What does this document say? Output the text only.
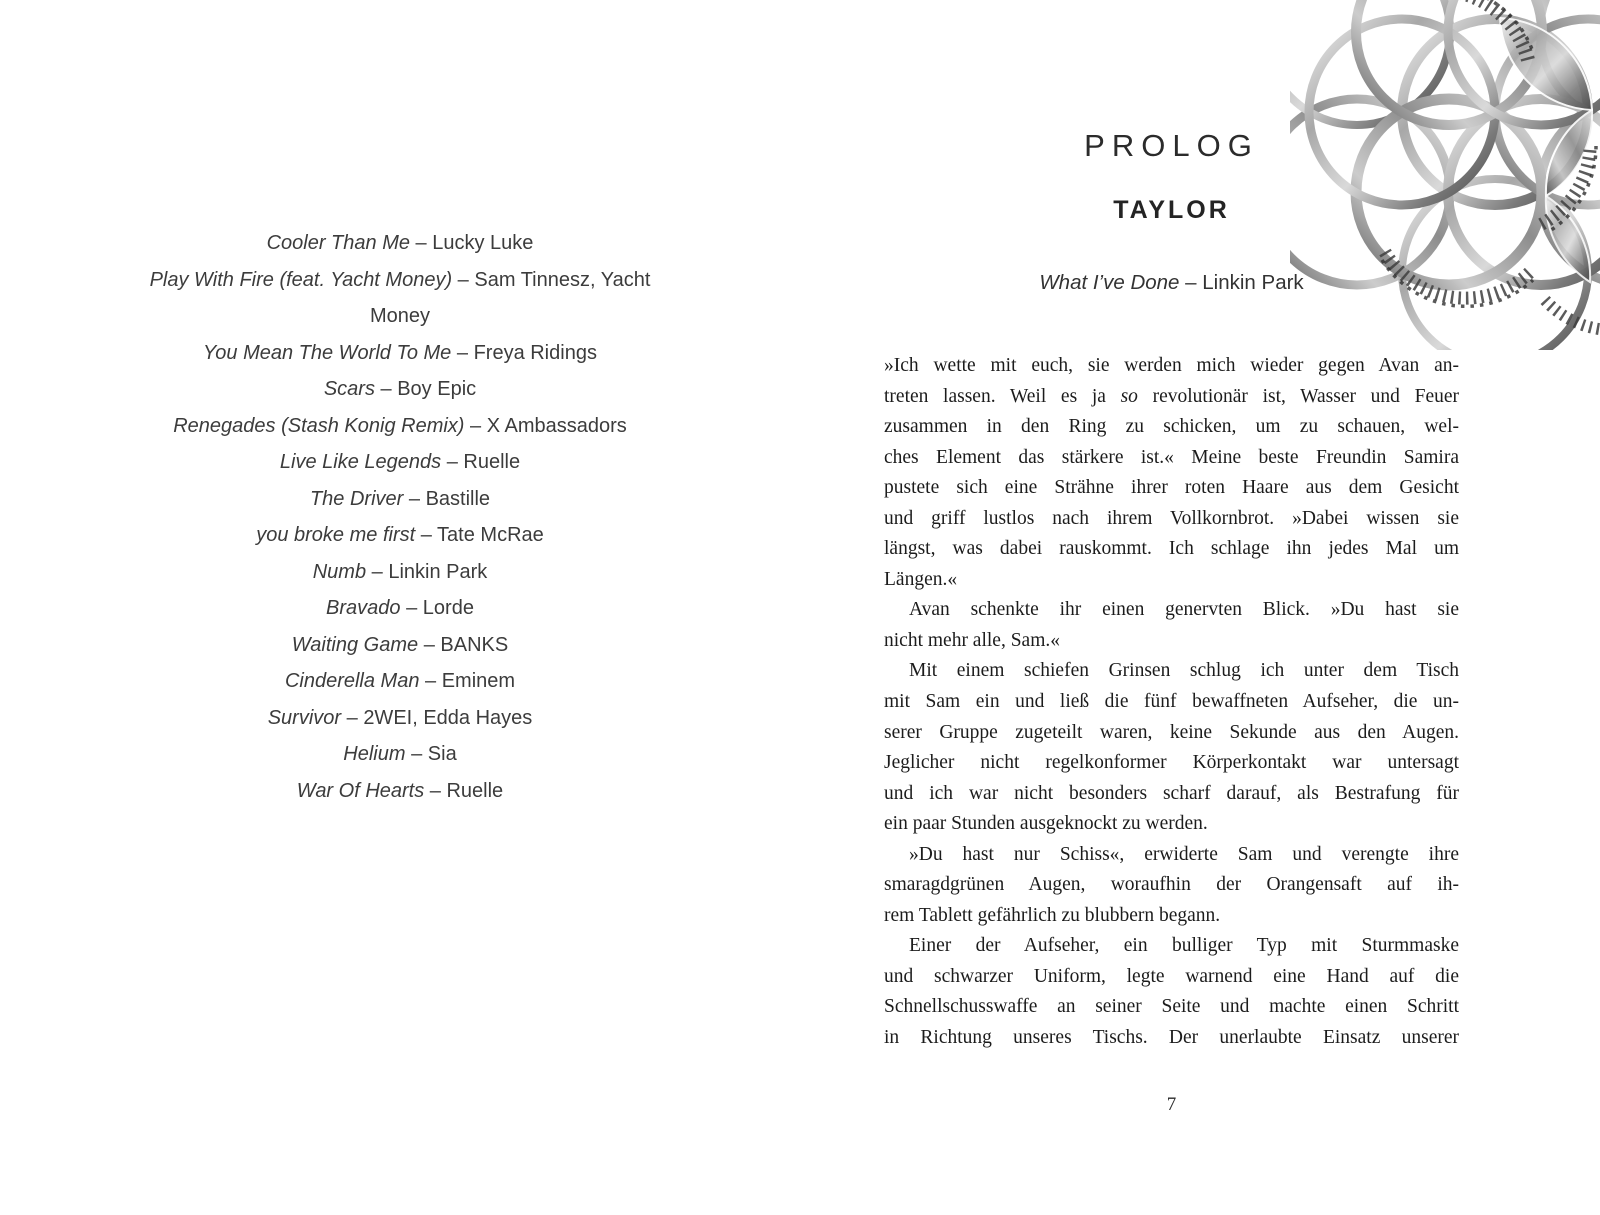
Cooler Than Me – Lucky Luke
Play With Fire (feat. Yacht Money) – Sam Tinnesz, Yacht Money
You Mean The World To Me – Freya Ridings
Scars – Boy Epic
Renegades (Stash Konig Remix) – X Ambassadors
Live Like Legends – Ruelle
The Driver – Bastille
you broke me first – Tate McRae
Numb – Linkin Park
Bravado – Lorde
Waiting Game – BANKS
Cinderella Man – Eminem
Survivor – 2WEI, Edda Hayes
Helium – Sia
War Of Hearts – Ruelle
PROLOG
TAYLOR
What I’ve Done – Linkin Park
»Ich wette mit euch, sie werden mich wieder gegen Avan an-
treten lassen. Weil es ja so revolutionär ist, Wasser und Feuer
zusammen in den Ring zu schicken, um zu schauen, wel-
ches Element das stärkere ist.« Meine beste Freundin Samira
pustete sich eine Strähne ihrer roten Haare aus dem Gesicht
und griff lustlos nach ihrem Vollkornbrot. »Dabei wissen sie
längst, was dabei rauskommt. Ich schlage ihn jedes Mal um
Längen.«
Avan schenkte ihr einen genervten Blick. »Du hast sie
nicht mehr alle, Sam.«
Mit einem schiefen Grinsen schlug ich unter dem Tisch
mit Sam ein und ließ die fünf bewaffneten Aufseher, die un-
serer Gruppe zugeteilt waren, keine Sekunde aus den Augen.
Jeglicher nicht regelkonformer Körperkontakt war untersagt
und ich war nicht besonders scharf darauf, als Bestrafung für
ein paar Stunden ausgeknockt zu werden.
»Du hast nur Schiss«, erwiderte Sam und verengte ihre
smaragdgrünen Augen, woraufhin der Orangensaft auf ih-
rem Tablett gefährlich zu blubbern begann.
Einer der Aufseher, ein bulliger Typ mit Sturmmaske
und schwarzer Uniform, legte warnend eine Hand auf die
Schnellschusswaffe an seiner Seite und machte einen Schritt
in Richtung unseres Tischs. Der unerlaubte Einsatz unserer
7
